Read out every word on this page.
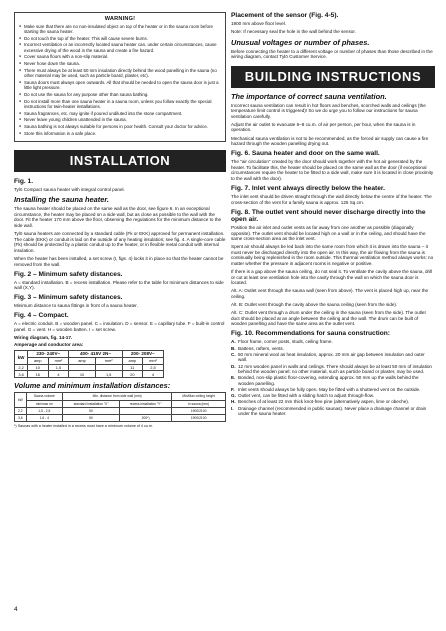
WARNING!
● Make sure that there are no non-insulated object on top of the heater or in the sauna room before starting the sauna heater.
● Do not touch the top of the heater. This will cause severe burns.
● Incorrect ventilation or an incorrectly located sauna heater can, under certain circumstances, cause excessive drying of the wood in the sauna and create a fire hazard.
● Cover sauna floors with a non-slip material.
● Never hose down the sauna.
● There must always be at least 50 mm insulation directly behind the wood panelling in the sauna (no other material may be used, such as particle board, plaster, etc).
● Sauna doors must always open outwards. All that should be needed to open the sauna door is just a little light pressure.
● Do not use the sauna for any purpose other than sauna bathing.
● Do not install more than one sauna heater in a sauna room, unless you follow exactly the special instructions for twin-heater installations.
● Sauna fragrances, etc. may ignite if poured undiluted into the stone compartment.
● Never leave young children unattended in the sauna.
● Sauna bathing is not always suitable for persons in poor health. Consult your doctor for advice.
● Store this information in a safe place.
INSTALLATION
Fig. 1.

Tylö Compact sauna heater with integral control panel.

Installing the sauna heater.

The sauna heater should be placed on the same wall as the door, see figure 6. In an exceptional circumstance, the heater may be placed on a side wall, but as close as possible to the wall with the door. Fit the heater 170 mm above the floor, observing the regulations for the minimum distance to the side wall.

Tylö sauna heaters are connected by a standard cable (Fk or EKK) approved for permanent installation. The cable (EKK) or conduit is laid on the outside of any heating insulation; see fig. 4. A single-core cable (Fk) should be protected by a plastic conduit up to the heater, or in flexible metal conduit with internal insulation.

When the heater has been installed, a set screw (I, figs. 4) locks it in place so that the heater cannot be removed from the wall.

Fig. 2 – Minimum safety distances.

A = standard installation. B = recess installation. Please refer to the table for minimum distances to side wall (X,Y).

Fig. 3 – Minimum safety distances.

Minimum distance to sauna fittings in front of a sauna heater.

Fig. 4 – Compact.

A = electric conduit. B = wooden panel. C = insulation. D = sensor. E = capillary tube. F = built-in control panel. G = vent. H = wooden batten. I = set screw.

Wiring diagram, fig. 14-17.
Amperage and conductor area:
kW	230- 240V~		400- 415V 2N~		200- 208V~	
	amp	mm²	amp	mm²	amp	mm²
2,2	10	1,5			11	2,5
3,6	16	4	10	1,5	20	4
Volume and minimum installation distances:
kW	Sauna volume	Min. distance from side wall (mm)		Min/Max ceiling height
	min/max m³	standard installation "X"	recess installation "Y"	in sauna (mm)
2,2	1,5 - 2,5	50		1900/2100
3,6	1,6 - 4	50	200*)	1900/2100
*) Saunas with a heater installed in a recess must have a minimum volume of 4 cu.m.
Placement of the sensor (Fig. 4-5).

1900 mm above floor level.

Note: If necessary seal the hole in the wall behind the sensor.

Unusual voltages or number of phases.

Before connecting the heater to a different voltage or number of phases than those described in the wiring diagram, contact Tylö Customer Service.

BUILDING INSTRUCTIONS
The importance of correct sauna ventilation.

Incorrect sauna ventilation can result in hot floors and benches, scorched walls and ceilings (the temperature limit control is triggered)! So we do urge you to follow our instructions for sauna ventilation carefully.

Adjust the air outlet to evacuate 6–8 cu.m. of air per person, per hour, when the sauna is in operation.

Mechanical sauna ventilation is not to be recommended, as the forced air supply can cause a fire hazard through the wooden panelling drying out.

Fig. 6. Sauna heater and door on the same wall.

The "air circulation" created by the door should work together with the hot air generated by the heater. To facilitate this, the heater should be placed on the same wall as the door (if exceptional circumstances require the heater to be fitted to a side wall, make sure it is located in close proximity to the wall with the door).

Fig. 7. Inlet vent always directly below the heater.

The inlet vent should be driven straight through the wall directly below the centre of the heater. The cross-section of the vent for a family sauna is approx. 125 Sq.cm.

Fig. 8. The outlet vent should never discharge directly into the open air.

Position the air inlet and outlet vents as far away from one another as possible (diagonally opposite). The outlet vent should be located high on a wall or in the ceiling, and should have the same cross-section area as the inlet vent.

Spent air should always be led back into the same room from which it is drawn into the sauna – it must never be discharged directly into the open air. In this way, the air flowing from the sauna is continually being replenished in the room outside. This thermal ventilation method always works: no matter whether the pressure in adjacent rooms is negative or positive.

If there is a gap above the sauna ceiling, do not seal it. To ventilate the cavity above the sauna, drill or cut at least one ventilation hole into the cavity through the wall on which the sauna door is located.

Alt. A: Outlet vent through the sauna wall (seen from above). The vent is placed high up, near the ceiling.

Alt. B: Outlet vent through the cavity above the sauna ceiling (seen from the side).

Alt. C: Outlet vent through a drum under the ceiling in the sauna (seen from the side). The outlet duct should be placed at an angle between the ceiling and the wall. The drum can be built of wooden panelling and have the same area as the outlet vent.

Fig. 10. Recommendations for sauna construction:
A. Floor frame, corner posts, studs, ceiling frame.
B. Battens, rafters, vents.
C. 50 mm mineral wool as heat insulation, approx. 20 mm air gap between insulation and outer wall.
D. 12 mm wooden panel in walls and ceilings. There should always be at least 50 mm of insulation behind the wooden panel; no other material, such as particle board or plaster, may be used.
E. Bonded, non-slip plastic floor-covering, extending approx. 50 mm up the walls behind the wooden panelling.
F. Inlet vents should always be fully open. May be fitted with a shuttered vent on the outside.
G. Outlet vent, can be fitted with a sliding hatch to adjust through-flow.
H. Benches of at least 22 mm thick knot-free pine (alternatively aspen, lime or obeche).
I. Drainage channel (recommended in public saunas). Never place a drainage channel or drain under the sauna heater.
4
